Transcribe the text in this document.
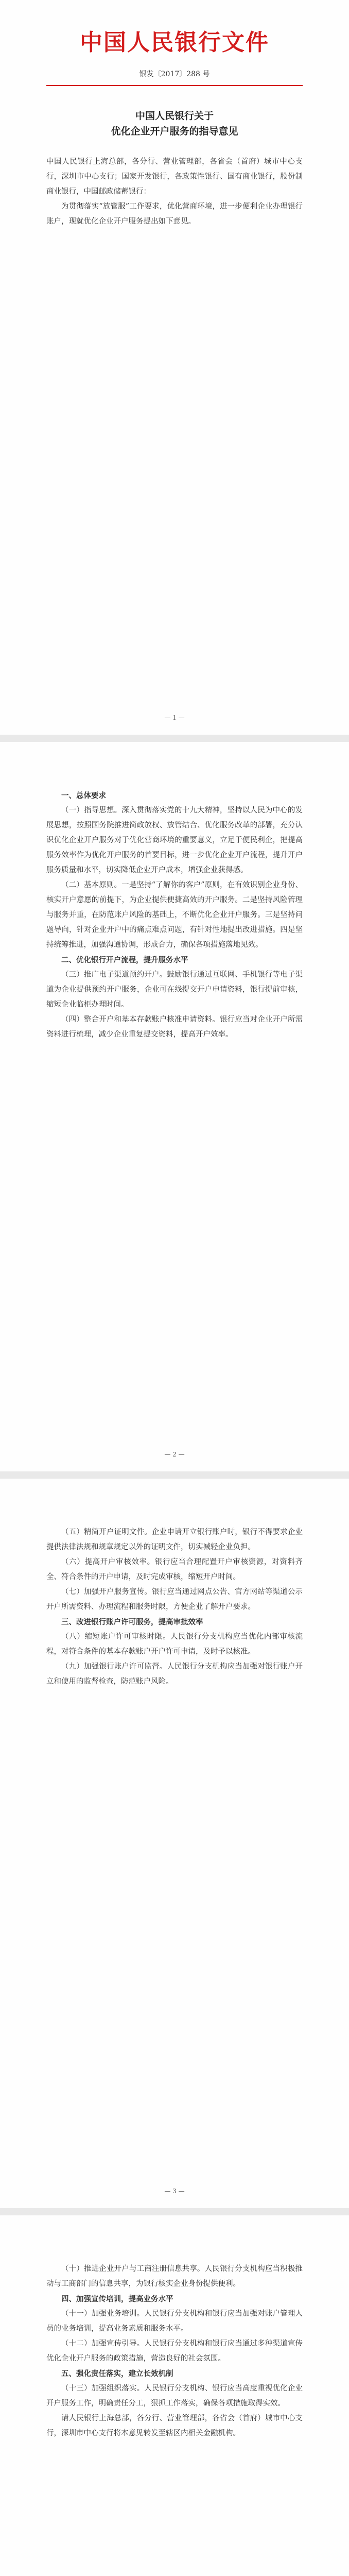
中国人民银行文件
银发〔2017〕288 号
中国人民银行关于
优化企业开户服务的指导意见

中国人民银行上海总部，各分行、营业管理部，各省会（首府）城市中心支行，深圳市中心支行；国家开发银行，各政策性银行、国有商业银行，股份制商业银行，中国邮政储蓄银行：

为贯彻落实“放管服”工作要求，优化营商环境，进一步便利企业办理银行账户，现就优化企业开户服务提出如下意见。

— 1 —
一、总体要求

（一）指导思想。深入贯彻落实党的十九大精神，坚持以人民为中心的发展思想，按照国务院推进简政放权、放管结合、优化服务改革的部署，充分认识优化企业开户服务对于优化营商环境的重要意义，立足于便民利企，把提高服务效率作为优化开户服务的首要目标，进一步优化企业开户流程，提升开户服务质量和水平，切实降低企业开户成本，增强企业获得感。

（二）基本原则。一是坚持“了解你的客户”原则，在有效识别企业身份、核实开户意愿的前提下，为企业提供便捷高效的开户服务。二是坚持风险管理与服务并重，在防范账户风险的基础上，不断优化企业开户服务。三是坚持问题导向，针对企业开户中的痛点难点问题，有针对性地提出改进措施。四是坚持统筹推进，加强沟通协调，形成合力，确保各项措施落地见效。

二、优化银行开户流程，提升服务水平

（三）推广电子渠道预约开户。鼓励银行通过互联网、手机银行等电子渠道为企业提供预约开户服务，企业可在线提交开户申请资料，银行提前审核，缩短企业临柜办理时间。

（四）整合开户和基本存款账户核准申请资料。银行应当对企业开户所需资料进行梳理，减少企业重复提交资料，提高开户效率。

— 2 —

（五）精简开户证明文件。企业申请开立银行账户时，银行不得要求企业提供法律法规和规章规定以外的证明文件，切实减轻企业负担。

（六）提高开户审核效率。银行应当合理配置开户审核资源，对资料齐全、符合条件的开户申请，及时完成审核，缩短开户时间。

（七）加强开户服务宣传。银行应当通过网点公告、官方网站等渠道公示开户所需资料、办理流程和服务时限，方便企业了解开户要求。

三、改进银行账户许可服务，提高审批效率

（八）缩短账户许可审核时限。人民银行分支机构应当优化内部审核流程，对符合条件的基本存款账户开户许可申请，及时予以核准。

（九）加强银行账户许可监督。人民银行分支机构应当加强对银行账户开立和使用的监督检查，防范账户风险。

— 3 —

（十）推进企业开户与工商注册信息共享。人民银行分支机构应当积极推动与工商部门的信息共享，为银行核实企业身份提供便利。

四、加强宣传培训，提高业务水平

（十一）加强业务培训。人民银行分支机构和银行应当加强对账户管理人员的业务培训，提高业务素质和服务水平。

（十二）加强宣传引导。人民银行分支机构和银行应当通过多种渠道宣传优化企业开户服务的政策措施，营造良好的社会氛围。

五、强化责任落实，建立长效机制

（十三）加强组织落实。人民银行分支机构、银行应当高度重视优化企业开户服务工作，明确责任分工，狠抓工作落实，确保各项措施取得实效。

请人民银行上海总部，各分行、营业管理部，各省会（首府）城市中心支行，深圳市中心支行将本意见转发至辖区内相关金融机构。
